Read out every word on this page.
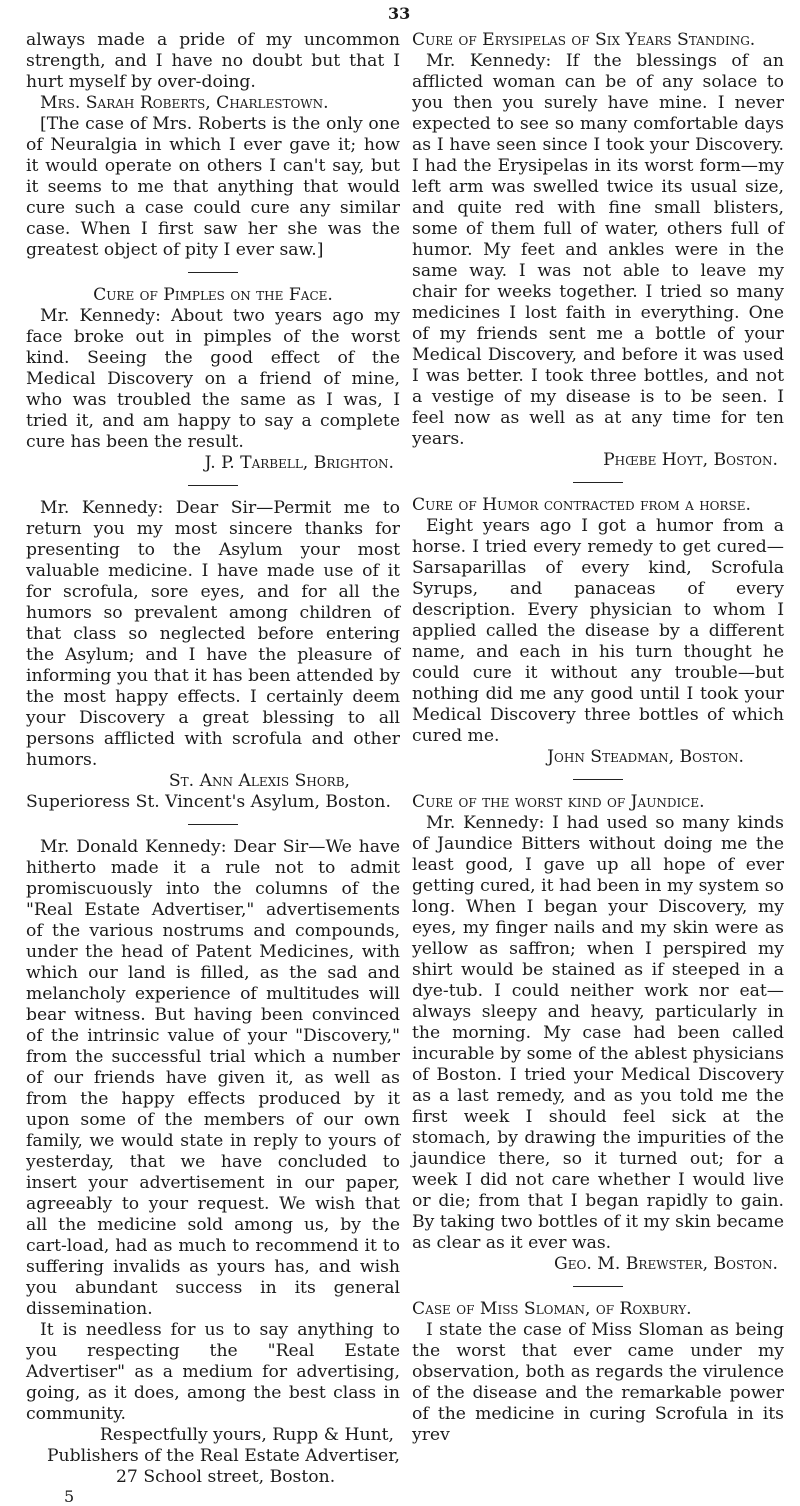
33

always made a pride of my uncommon strength, and I have no doubt but that I hurt myself by over-doing.

Mrs. Sarah Roberts, Charlestown.

[The case of Mrs. Roberts is the only one of Neuralgia in which I ever gave it; how it would operate on others I can't say, but it seems to me that anything that would cure such a case could cure any similar case. When I first saw her she was the greatest object of pity I ever saw.]

Cure of Pimples on the Face.

Mr. Kennedy: About two years ago my face broke out in pimples of the worst kind. Seeing the good effect of the Medical Discovery on a friend of mine, who was troubled the same as I was, I tried it, and am happy to say a complete cure has been the result.

J. P. Tarbell, Brighton.

Mr. Kennedy: Dear Sir—Permit me to return you my most sincere thanks for presenting to the Asylum your most valuable medicine. I have made use of it for scrofula, sore eyes, and for all the humors so prevalent among children of that class so neglected before entering the Asylum; and I have the pleasure of informing you that it has been attended by the most happy effects. I certainly deem your Discovery a great blessing to all persons afflicted with scrofula and other humors.

St. Ann Alexis Shorb,
Superioress St. Vincent's Asylum, Boston.

Mr. Donald Kennedy: Dear Sir—We have hitherto made it a rule not to admit promiscuously into the columns of the "Real Estate Advertiser," advertisements of the various nostrums and compounds, under the head of Patent Medicines, with which our land is filled, as the sad and melancholy experience of multitudes will bear witness. But having been convinced of the intrinsic value of your "Discovery," from the successful trial which a number of our friends have given it, as well as from the happy effects produced by it upon some of the members of our own family, we would state in reply to yours of yesterday, that we have concluded to insert your advertisement in our paper, agreeably to your request. We wish that all the medicine sold among us, by the cart-load, had as much to recommend it to suffering invalids as yours has, and wish you abundant success in its general dissemination.

It is needless for us to say anything to you respecting the "Real Estate Advertiser" as a medium for advertising, going, as it does, among the best class in community.

Respectfully yours, Rupp & Hunt,
Publishers of the Real Estate Advertiser,
27 School street, Boston.
5
Cure of Erysipelas of Six Years Standing.

Mr. Kennedy: If the blessings of an afflicted woman can be of any solace to you then you surely have mine. I never expected to see so many comfortable days as I have seen since I took your Discovery. I had the Erysipelas in its worst form—my left arm was swelled twice its usual size, and quite red with fine small blisters, some of them full of water, others full of humor. My feet and ankles were in the same way. I was not able to leave my chair for weeks together. I tried so many medicines I lost faith in everything. One of my friends sent me a bottle of your Medical Discovery, and before it was used I was better. I took three bottles, and not a vestige of my disease is to be seen. I feel now as well as at any time for ten years.

Phœbe Hoyt, Boston.
Cure of Humor contracted from a horse.

Eight years ago I got a humor from a horse. I tried every remedy to get cured—Sarsaparillas of every kind, Scrofula Syrups, and panaceas of every description. Every physician to whom I applied called the disease by a different name, and each in his turn thought he could cure it without any trouble—but nothing did me any good until I took your Medical Discovery three bottles of which cured me.

John Steadman, Boston.
Cure of the worst kind of Jaundice.

Mr. Kennedy: I had used so many kinds of Jaundice Bitters without doing me the least good, I gave up all hope of ever getting cured, it had been in my system so long. When I began your Discovery, my eyes, my finger nails and my skin were as yellow as saffron; when I perspired my shirt would be stained as if steeped in a dye-tub. I could neither work nor eat—always sleepy and heavy, particularly in the morning. My case had been called incurable by some of the ablest physicians of Boston. I tried your Medical Discovery as a last remedy, and as you told me the first week I should feel sick at the stomach, by drawing the impurities of the jaundice there, so it turned out; for a week I did not care whether I would live or die; from that I began rapidly to gain. By taking two bottles of it my skin became as clear as it ever was.

Geo. M. Brewster, Boston.
Case of Miss Sloman, of Roxbury.

I state the case of Miss Sloman as being the worst that ever came under my observation, both as regards the virulence of the disease and the remarkable power of the medicine in curing Scrofula in its yrev
